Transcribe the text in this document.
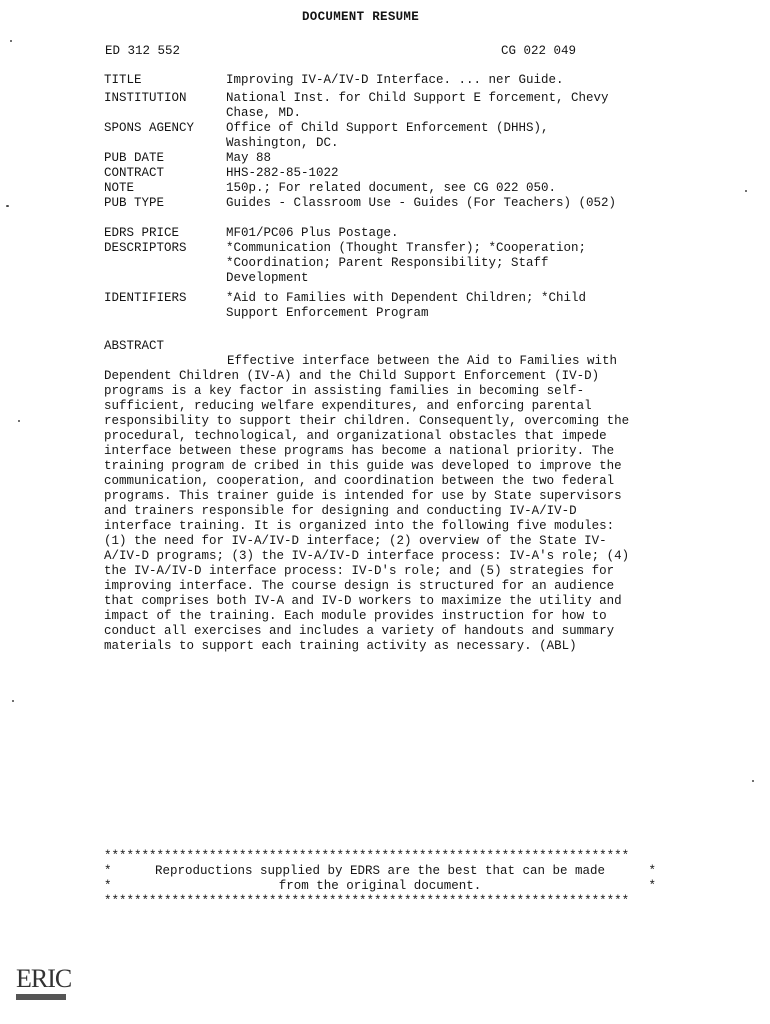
DOCUMENT RESUME
ED 312 552	CG 022 049
TITLE	Improving IV-A/IV-D Interface. ... ner Guide.
INSTITUTION	National Inst. for Child Support E forcement, Chevy Chase, MD.
SPONS AGENCY	Office of Child Support Enforcement (DHHS), Washington, DC.
PUB DATE	May 88
CONTRACT	HHS-282-85-1022
NOTE	150p.; For related document, see CG 022 050.
PUB TYPE	Guides - Classroom Use - Guides (For Teachers) (052)
EDRS PRICE	MF01/PC06 Plus Postage.
DESCRIPTORS	*Communication (Thought Transfer); *Cooperation; *Coordination; Parent Responsibility; Staff Development
IDENTIFIERS	*Aid to Families with Dependent Children; *Child Support Enforcement Program
ABSTRACT
Effective interface between the Aid to Families with Dependent Children (IV-A) and the Child Support Enforcement (IV-D) programs is a key factor in assisting families in becoming self-sufficient, reducing welfare expenditures, and enforcing parental responsibility to support their children. Consequently, overcoming the procedural, technological, and organizational obstacles that impede interface between these programs has become a national priority. The training program de cribed in this guide was developed to improve the communication, cooperation, and coordination between the two federal programs. This trainer guide is intended for use by State supervisors and trainers responsible for designing and conducting IV-A/IV-D interface training. It is organized into the following five modules: (1) the need for IV-A/IV-D interface; (2) overview of the State IV-A/IV-D programs; (3) the IV-A/IV-D interface process: IV-A's role; (4) the IV-A/IV-D interface process: IV-D's role; and (5) strategies for improving interface. The course design is structured for an audience that comprises both IV-A and IV-D workers to maximize the utility and impact of the training. Each module provides instruction for how to conduct all exercises and includes a variety of handouts and summary materials to support each training activity as necessary. (ABL)
**********************************************************************
*	Reproductions supplied by EDRS are the best that can be made	*
*	from the original document.	*
**********************************************************************
ERIC
